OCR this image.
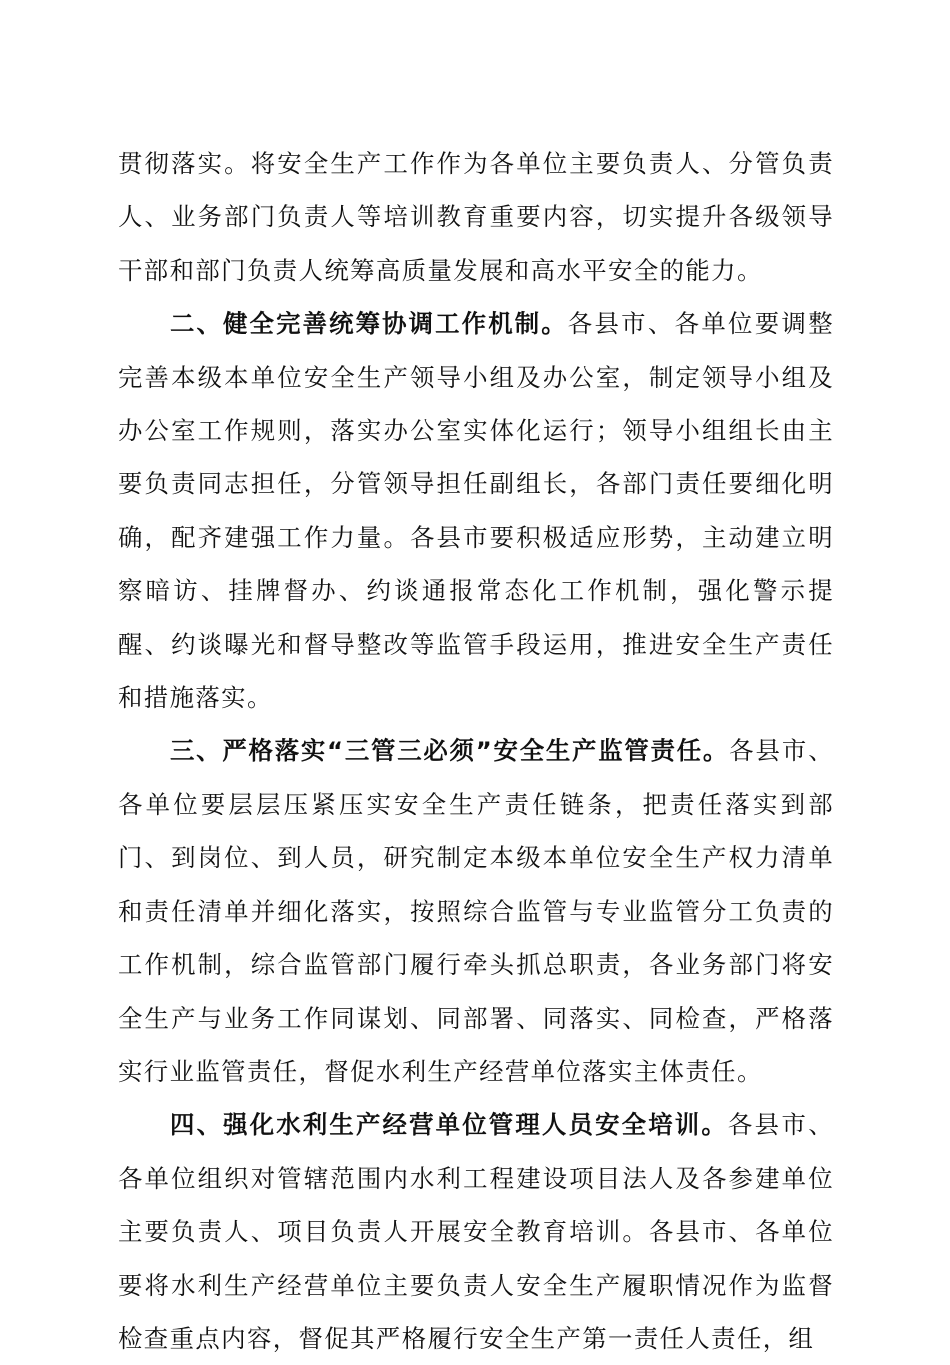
贯彻落实。将安全生产工作作为各单位主要负责人、分管负责人、业务部门负责人等培训教育重要内容，切实提升各级领导干部和部门负责人统筹高质量发展和高水平安全的能力。

二、健全完善统筹协调工作机制。各县市、各单位要调整完善本级本单位安全生产领导小组及办公室，制定领导小组及办公室工作规则，落实办公室实体化运行；领导小组组长由主要负责同志担任，分管领导担任副组长，各部门责任要细化明确，配齐建强工作力量。各县市要积极适应形势，主动建立明察暗访、挂牌督办、约谈通报常态化工作机制，强化警示提醒、约谈曝光和督导整改等监管手段运用，推进安全生产责任和措施落实。

三、严格落实“三管三必须”安全生产监管责任。各县市、各单位要层层压紧压实安全生产责任链条，把责任落实到部门、到岗位、到人员，研究制定本级本单位安全生产权力清单和责任清单并细化落实，按照综合监管与专业监管分工负责的工作机制，综合监管部门履行牵头抓总职责，各业务部门将安全生产与业务工作同谋划、同部署、同落实、同检查，严格落实行业监管责任，督促水利生产经营单位落实主体责任。

四、强化水利生产经营单位管理人员安全培训。各县市、各单位组织对管辖范围内水利工程建设项目法人及各参建单位主要负责人、项目负责人开展安全教育培训。各县市、各单位要将水利生产经营单位主要负责人安全生产履职情况作为监督检查重点内容，督促其严格履行安全生产第一责任人责任，组
